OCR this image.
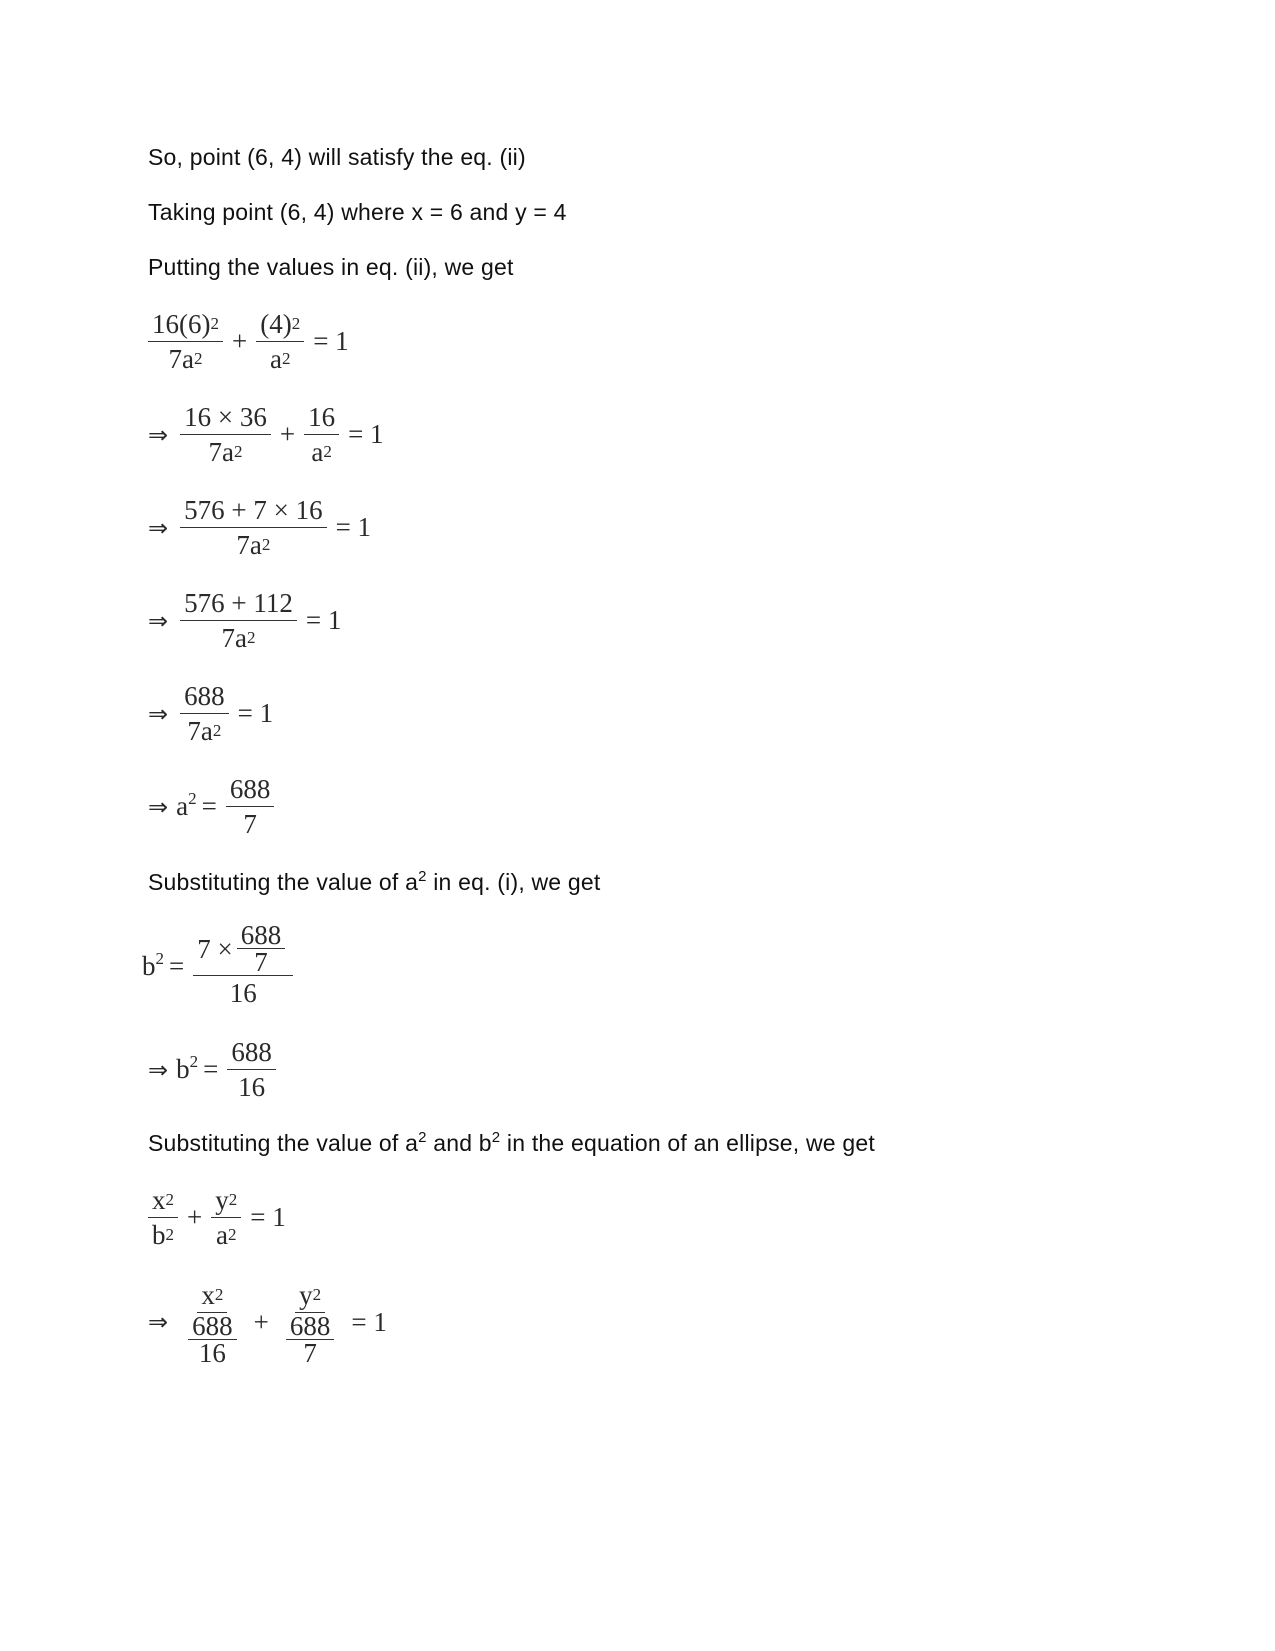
So, point (6, 4) will satisfy the eq. (ii)

Taking point (6, 4) where x = 6 and y = 4

Putting the values in eq. (ii), we get

$\frac{16(6) 2}{7a 2} + \frac{(4) 2}{a 2} = 1$
⇒ $\frac{16 \times 36}{7a 2} + \frac{16}{a 2} = 1$
⇒ $\frac{576 + 7 \times 16}{7a 2} = 1$
⇒ $\frac{576 + 112}{7a 2} = 1$
⇒ $\frac{688}{7a 2} = 1$
⇒ $a^2 = \frac{688}{7}$

Substituting the value of $a^2$ in eq. (i), we get

$b^2 = \frac{7 \times \frac{688}{7}}{16}$
⇒ $b^2 = \frac{688}{16}$

Substituting the value of $a^2$ and $b^2$ in the equation of an ellipse, we get

$\frac{x 2}{b 2} + \frac{y 2}{a 2} = 1$
⇒ $\frac{x 2}{\frac{688}{16}} + \frac{y 2}{\frac{688}{7}} = 1$
